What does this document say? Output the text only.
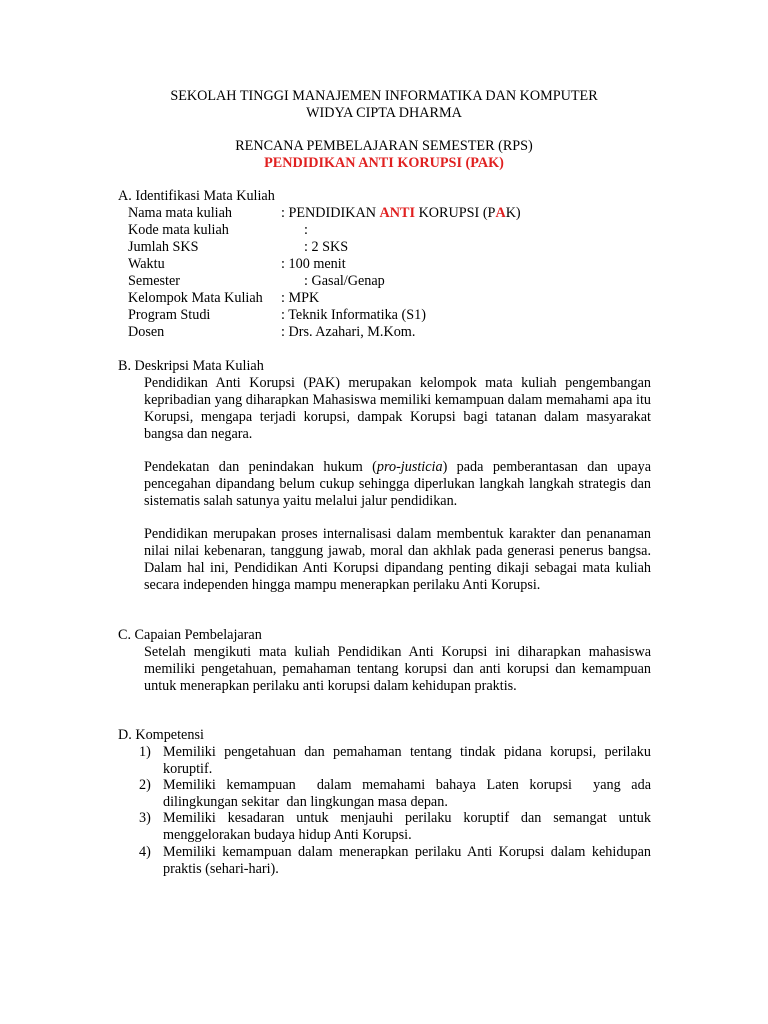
SEKOLAH TINGGI MANAJEMEN INFORMATIKA DAN KOMPUTER
WIDYA CIPTA DHARMA
RENCANA PEMBELAJARAN SEMESTER (RPS)
PENDIDIKAN ANTI KORUPSI (PAK)
A. Identifikasi Mata Kuliah
Nama mata kuliah	: PENDIDIKAN ANTI KORUPSI (PAK)
Kode mata kuliah	:
Jumlah SKS	: 2 SKS
Waktu	: 100 menit
Semester	: Gasal/Genap
Kelompok Mata Kuliah : MPK
Program Studi	: Teknik Informatika (S1)
Dosen	: Drs. Azahari, M.Kom.
B. Deskripsi Mata Kuliah
Pendidikan Anti Korupsi (PAK) merupakan kelompok mata kuliah pengembangan kepribadian yang diharapkan Mahasiswa memiliki kemampuan dalam memahami apa itu Korupsi, mengapa terjadi korupsi, dampak Korupsi bagi tatanan dalam masyarakat bangsa dan negara.
Pendekatan dan penindakan hukum (pro-justicia) pada pemberantasan dan upaya pencegahan dipandang belum cukup sehingga diperlukan langkah langkah strategis dan sistematis salah satunya yaitu melalui jalur pendidikan.
Pendidikan merupakan proses internalisasi dalam membentuk karakter dan penanaman nilai nilai kebenaran, tanggung jawab, moral dan akhlak pada generasi penerus bangsa. Dalam hal ini, Pendidikan Anti Korupsi dipandang penting dikaji sebagai mata kuliah secara independen hingga mampu menerapkan perilaku Anti Korupsi.
C. Capaian Pembelajaran
Setelah mengikuti mata kuliah Pendidikan Anti Korupsi ini diharapkan mahasiswa memiliki pengetahuan, pemahaman tentang korupsi dan anti korupsi dan kemampuan untuk menerapkan perilaku anti korupsi dalam kehidupan praktis.
D. Kompetensi
1) Memiliki pengetahuan dan pemahaman tentang tindak pidana korupsi, perilaku koruptif.
2) Memiliki kemampuan  dalam memahami bahaya Laten korupsi  yang ada dilingkungan sekitar  dan lingkungan masa depan.
3) Memiliki kesadaran untuk menjauhi perilaku koruptif dan semangat untuk menggelorakan budaya hidup Anti Korupsi.
4) Memiliki kemampuan dalam menerapkan perilaku Anti Korupsi dalam kehidupan praktis (sehari-hari).
